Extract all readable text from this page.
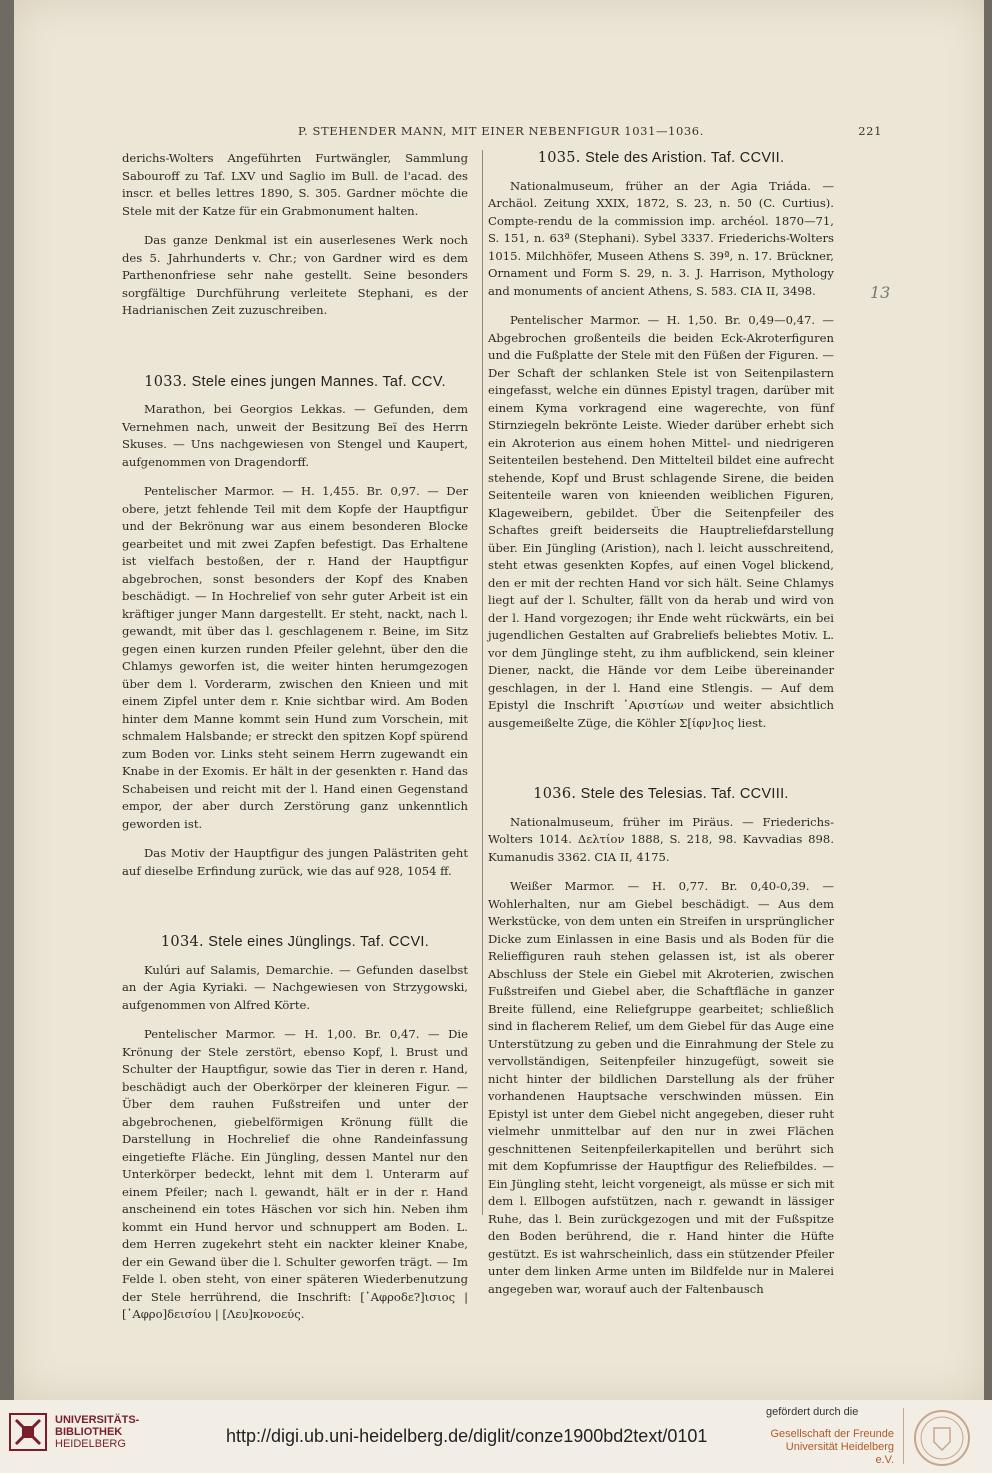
P. STEHENDER MANN, MIT EINER NEBENFIGUR 1031—1036.	221

derichs-Wolters Angeführten Furtwängler, Sammlung Sabouroff zu Taf. LXV und Saglio im Bull. de l'acad. des inscr. et belles lettres 1890, S. 305. Gardner möchte die Stele mit der Katze für ein Grabmonument halten.

Das ganze Denkmal ist ein auserlesenes Werk noch des 5. Jahrhunderts v. Chr.; von Gardner wird es dem Parthenonfriese sehr nahe gestellt. Seine besonders sorgfältige Durchführung verleitete Stephani, es der Hadrianischen Zeit zuzuschreiben.

1033. Stele eines jungen Mannes. Taf. CCV.

Marathon, bei Georgios Lekkas. — Gefunden, dem Vernehmen nach, unweit der Besitzung Beï des Herrn Skuses. — Uns nachgewiesen von Stengel und Kaupert, aufgenommen von Dragendorff.

Pentelischer Marmor. — H. 1,455. Br. 0,97. — Der obere, jetzt fehlende Teil mit dem Kopfe der Hauptfigur und der Bekrönung war aus einem besonderen Blocke gearbeitet und mit zwei Zapfen befestigt. Das Erhaltene ist vielfach bestoßen, der r. Hand der Hauptfigur abgebrochen, sonst besonders der Kopf des Knaben beschädigt. — In Hochrelief von sehr guter Arbeit ist ein kräftiger junger Mann dargestellt. Er steht, nackt, nach l. gewandt, mit über das l. geschlagenem r. Beine, im Sitz gegen einen kurzen runden Pfeiler gelehnt, über den die Chlamys geworfen ist, die weiter hinten herumgezogen über dem l. Vorderarm, zwischen den Knieen und mit einem Zipfel unter dem r. Knie sichtbar wird. Am Boden hinter dem Manne kommt sein Hund zum Vorschein, mit schmalem Halsbande; er streckt den spitzen Kopf spürend zum Boden vor. Links steht seinem Herrn zugewandt ein Knabe in der Exomis. Er hält in der gesenkten r. Hand das Schabeisen und reicht mit der l. Hand einen Gegenstand empor, der aber durch Zerstörung ganz unkenntlich geworden ist.

Das Motiv der Hauptfigur des jungen Palästriten geht auf dieselbe Erfindung zurück, wie das auf 928, 1054 ff.

1034. Stele eines Jünglings. Taf. CCVI.

Kulúri auf Salamis, Demarchie. — Gefunden daselbst an der Agia Kyriaki. — Nachgewiesen von Strzygowski, aufgenommen von Alfred Körte.

Pentelischer Marmor. — H. 1,00. Br. 0,47. — Die Krönung der Stele zerstört, ebenso Kopf, l. Brust und Schulter der Hauptfigur, sowie das Tier in deren r. Hand, beschädigt auch der Oberkörper der kleineren Figur. — Über dem rauhen Fußstreifen und unter der abgebrochenen, giebelförmigen Krönung füllt die Darstellung in Hochrelief die ohne Randeinfassung eingetiefte Fläche. Ein Jüngling, dessen Mantel nur den Unterkörper bedeckt, lehnt mit dem l. Unterarm auf einem Pfeiler; nach l. gewandt, hält er in der r. Hand anscheinend ein totes Häschen vor sich hin. Neben ihm kommt ein Hund hervor und schnuppert am Boden. L. dem Herren zugekehrt steht ein nackter kleiner Knabe, der ein Gewand über die l. Schulter geworfen trägt. — Im Felde l. oben steht, von einer späteren Wiederbenutzung der Stele herrührend, die Inschrift: [᾿Αφροδε?]ισιος | [᾿Αφρο]δεισίου | [Λευ]κονοεύς.

1035. Stele des Aristion. Taf. CCVII.

Nationalmuseum, früher an der Agia Triáda. — Archäol. Zeitung XXIX, 1872, S. 23, n. 50 (C. Curtius). Compte-rendu de la commission imp. archéol. 1870—71, S. 151, n. 63ª (Stephani). Sybel 3337. Friederichs-Wolters 1015. Milchhöfer, Museen Athens S. 39ª, n. 17. Brückner, Ornament und Form S. 29, n. 3. J. Harrison, Mythology and monuments of ancient Athens, S. 583. CIA II, 3498.

Pentelischer Marmor. — H. 1,50. Br. 0,49—0,47. — Abgebrochen großenteils die beiden Eck-Akroterfiguren und die Fußplatte der Stele mit den Füßen der Figuren. — Der Schaft der schlanken Stele ist von Seitenpilastern eingefasst, welche ein dünnes Epistyl tragen, darüber mit einem Kyma vorkragend eine wagerechte, von fünf Stirnziegeln bekrönte Leiste. Wieder darüber erhebt sich ein Akroterion aus einem hohen Mittel- und niedrigeren Seitenteilen bestehend. Den Mittelteil bildet eine aufrecht stehende, Kopf und Brust schlagende Sirene, die beiden Seitenteile waren von knieenden weiblichen Figuren, Klageweibern, gebildet. Über die Seitenpfeiler des Schaftes greift beiderseits die Hauptreliefdarstellung über. Ein Jüngling (Aristion), nach l. leicht ausschreitend, steht etwas gesenkten Kopfes, auf einen Vogel blickend, den er mit der rechten Hand vor sich hält. Seine Chlamys liegt auf der l. Schulter, fällt von da herab und wird von der l. Hand vorgezogen; ihr Ende weht rückwärts, ein bei jugendlichen Gestalten auf Grabreliefs beliebtes Motiv. L. vor dem Jünglinge steht, zu ihm aufblickend, sein kleiner Diener, nackt, die Hände vor dem Leibe übereinander geschlagen, in der l. Hand eine Stlengis. — Auf dem Epistyl die Inschrift ᾿Αριστίων und weiter absichtlich ausgemeißelte Züge, die Köhler Σ[ίφν]ιος liest.

1036. Stele des Telesias. Taf. CCVIII.

Nationalmuseum, früher im Piräus. — Friederichs-Wolters 1014. Δελτίον 1888, S. 218, 98. Kavvadias 898. Kumanudis 3362. CIA II, 4175.

Weißer Marmor. — H. 0,77. Br. 0,40-0,39. — Wohlerhalten, nur am Giebel beschädigt. — Aus dem Werkstücke, von dem unten ein Streifen in ursprünglicher Dicke zum Einlassen in eine Basis und als Boden für die Relieffiguren rauh stehen gelassen ist, ist als oberer Abschluss der Stele ein Giebel mit Akroterien, zwischen Fußstreifen und Giebel aber, die Schaftfläche in ganzer Breite füllend, eine Reliefgruppe gearbeitet; schließlich sind in flacherem Relief, um dem Giebel für das Auge eine Unterstützung zu geben und die Einrahmung der Stele zu vervollständigen, Seitenpfeiler hinzugefügt, soweit sie nicht hinter der bildlichen Darstellung als der früher vorhandenen Hauptsache verschwinden müssen. Ein Epistyl ist unter dem Giebel nicht angegeben, dieser ruht vielmehr unmittelbar auf den nur in zwei Flächen geschnittenen Seitenpfeilerkapitellen und berührt sich mit dem Kopfumrisse der Hauptfigur des Reliefbildes. — Ein Jüngling steht, leicht vorgeneigt, als müsse er sich mit dem l. Ellbogen aufstützen, nach r. gewandt in lässiger Ruhe, das l. Bein zurückgezogen und mit der Fußspitze den Boden berührend, die r. Hand hinter die Hüfte gestützt. Es ist wahrscheinlich, dass ein stützender Pfeiler unter dem linken Arme unten im Bildfelde nur in Malerei angegeben war, worauf auch der Faltenbausch

13
UNIVERSITÄTS-
BIBLIOTHEK
HEIDELBERG	http://digi.ub.uni-heidelberg.de/diglit/conze1900bd2text/0101
gefördert durch die
Gesellschaft der Freunde
Universität Heidelberg e.V.
